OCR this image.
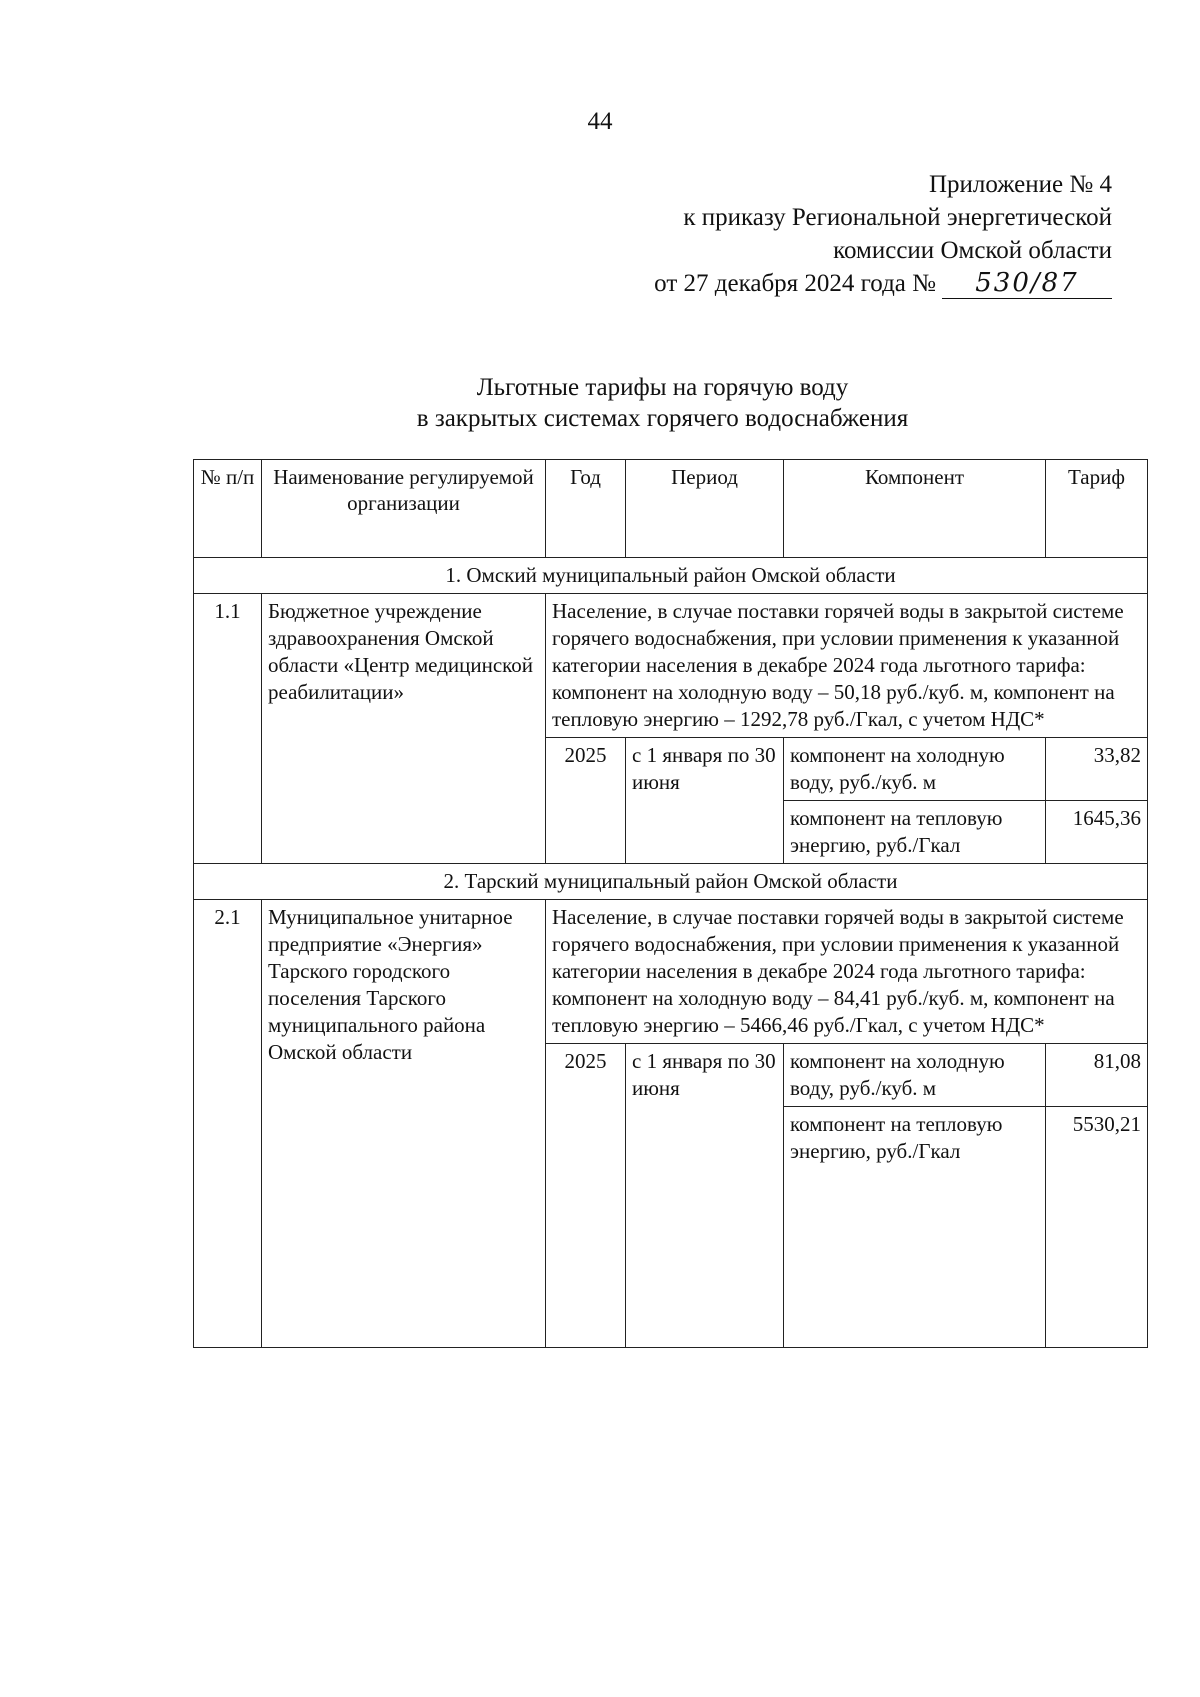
44
Приложение № 4
к приказу Региональной энергетической
комиссии Омской области
от 27 декабря 2024 года № 530/87
Льготные тарифы на горячую воду
в закрытых системах горячего водоснабжения
№ п/п	Наименование регулируемой организации	Год	Период	Компонент	Тариф
1. Омский муниципальный район Омской области					
1.1	Бюджетное учреждение здравоохранения Омской области «Центр медицинской реабилитации»	Население, в случае поставки горячей воды в закрытой системе горячего водоснабжения, при условии применения к указанной категории населения в декабре 2024 года льготного тарифа: компонент на холодную воду – 50,18 руб./куб. м, компонент на тепловую энергию – 1292,78 руб./Гкал, с учетом НДС*			
		2025	с 1 января по 30 июня	компонент на холодную воду, руб./куб. м	33,82
				компонент на тепловую энергию, руб./Гкал	1645,36
2. Тарский муниципальный район Омской области					
2.1	Муниципальное унитарное предприятие «Энергия» Тарского городского поселения Тарского муниципального района Омской области	Население, в случае поставки горячей воды в закрытой системе горячего водоснабжения, при условии применения к указанной категории населения в декабре 2024 года льготного тарифа: компонент на холодную воду – 84,41 руб./куб. м, компонент на тепловую энергию – 5466,46 руб./Гкал, с учетом НДС*			
		2025	с 1 января по 30 июня	компонент на холодную воду, руб./куб. м	81,08
				компонент на тепловую энергию, руб./Гкал	5530,21
